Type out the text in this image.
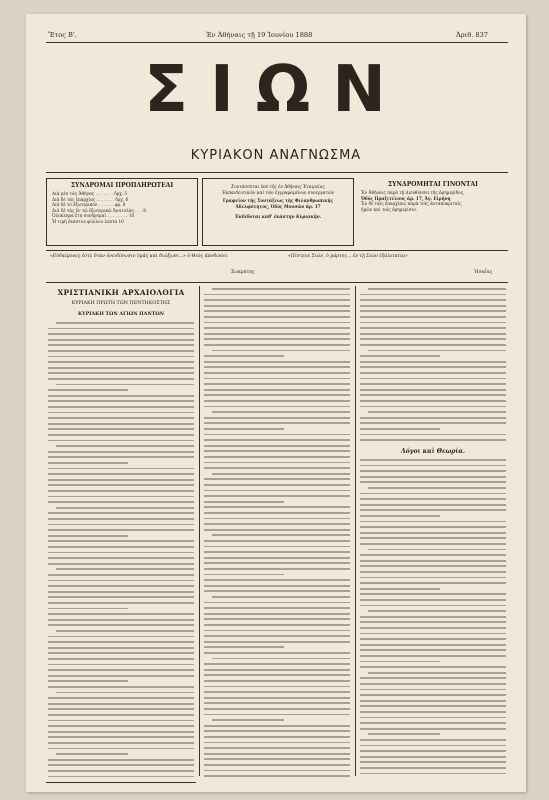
Ἔτος Β'.	Ἐν Ἀθήναις τῇ 19 Ἰουνίου 1888	Ἀριθ. 837
ΣΙΩΝ
ΚΥΡΙΑΚΟΝ ΑΝΑΓΝΩΣΜΑ
ΣΥΝΔΡΟΜΑΙ ΠΡΟΠΛΗΡΩΤΕΑΙ
Διὰ μὲν τὰς Ἀθήνας . . . . . . . δρχ. 5
Διὰ δὲ τὰς ἐπαρχίας . . . . . . . δρχ. 6
Διὰ δὲ τὸ ἐξωτερικὸν . . . . . . φρ. 8
Διὰ δὲ τὰς ἐν τῷ ἐξωτερικῷ Ἀνατολὰς . . . 8
Ὁλόκληρα ἔτη συνδρομαὶ . . . . . . . . 10
Ἡ τιμὴ ἑκάστου φύλλου λεπτὰ 10
Συντάσσεται ὑπὸ τῆς ἐν Ἀθήναις Ἑταιρείας
Ἐκπαιδευτικῶν καὶ τῶν ἐγγραφομένων συνεργατῶν
Γραφεῖον τῆς Συντάξεως τῆς Φιλανθρωπικῆς
Ἀδελφότητος, Ὁδὸς Μουσῶν ἀρ. 17
Ἐκδίδοται καθ' ἑκάστην Κυριακήν.
ΣΥΝΔΡΟΜΗΤΑΙ ΓΙΝΟΝΤΑΙ
Ἐν Ἀθήναις παρὰ τῇ Διευθύνσει τῆς ἐφημερίδος,
Ὁδὸς Πραξιτέλους ἀρ. 17, Ἀγ. Εἰρήνη
Ἐν δὲ ταῖς ἐπαρχίαις παρὰ τοῖς ἀνταποκριταῖς
ἡμῶν καὶ τοῖς ἐφημερίσιν.
«Εὐδαίμονες ἐστε ὅταν ὀνειδίσωσιν ὑμᾶς καὶ διώξωσι...» ὁ Θεὸς ἀποδώσει
Σωκράτης
«Πίστευε Σιών, ὁ μάρτυς... ἐν τῇ Σιὼν ἐξάλειπται»
Ἠσαΐας
ΧΡΙΣΤΙΑΝΙΚΗ ΑΡΧΑΙΟΛΟΓΙΑ
ΚΥΡΙΑΚΗ ΠΡΩΤΗ ΤΩΝ ΠΕΝΤΗΚΟΣΤΗΣ
ΚΥΡΙΑΚΗ ΤΩΝ ΑΓΙΩΝ ΠΑΝΤΩΝ
Λόγοι καὶ Θεωρία.
